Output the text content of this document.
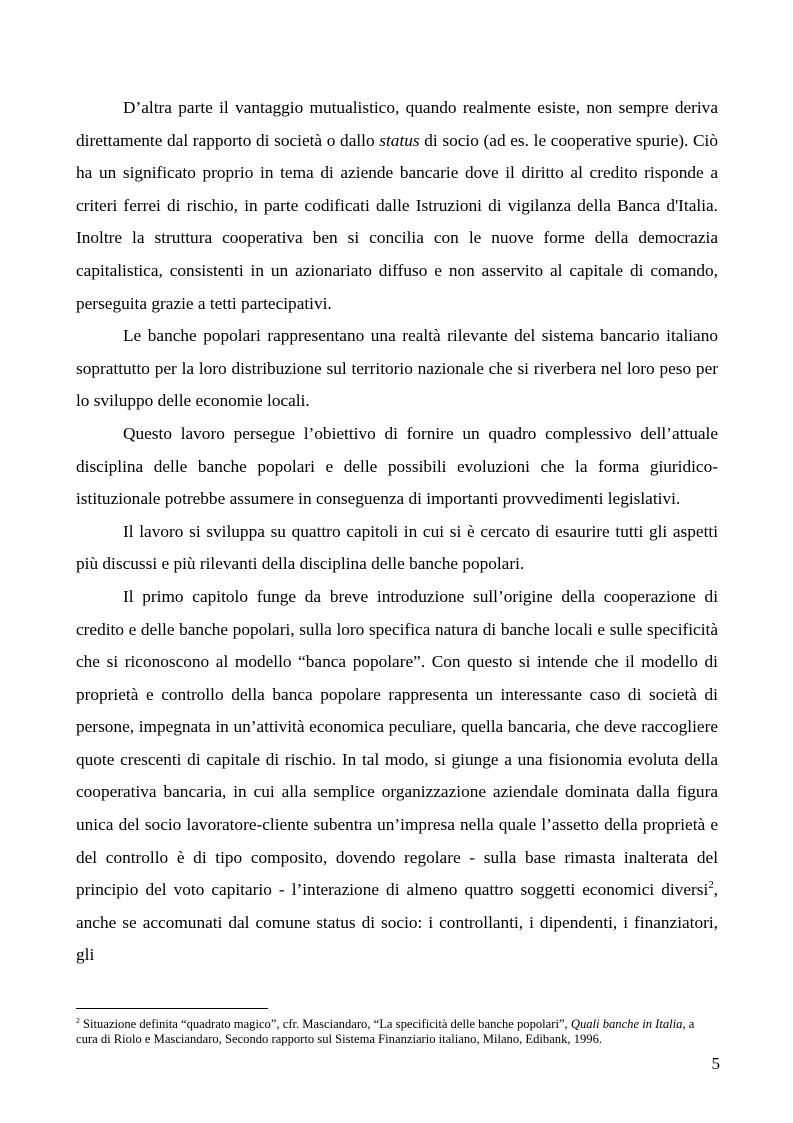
D’altra parte il vantaggio mutualistico, quando realmente esiste, non sempre deriva direttamente dal rapporto di società o dallo status di socio (ad es. le cooperative spurie). Ciò ha un significato proprio in tema di aziende bancarie dove il diritto al credito risponde a criteri ferrei di rischio, in parte codificati dalle Istruzioni di vigilanza della Banca d'Italia. Inoltre la struttura cooperativa ben si concilia con le nuove forme della democrazia capitalistica, consistenti in un azionariato diffuso e non asservito al capitale di comando, perseguita grazie a tetti partecipativi.

Le banche popolari rappresentano una realtà rilevante del sistema bancario italiano soprattutto per la loro distribuzione sul territorio nazionale che si riverbera nel loro peso per lo sviluppo delle economie locali.

Questo lavoro persegue l’obiettivo di fornire un quadro complessivo dell’attuale disciplina delle banche popolari e delle possibili evoluzioni che la forma giuridico-istituzionale potrebbe assumere in conseguenza di importanti provvedimenti legislativi.

Il lavoro si sviluppa su quattro capitoli in cui si è cercato di esaurire tutti gli aspetti più discussi e più rilevanti della disciplina delle banche popolari.

Il primo capitolo funge da breve introduzione sull’origine della cooperazione di credito e delle banche popolari, sulla loro specifica natura di banche locali e sulle specificità che si riconoscono al modello “banca popolare”. Con questo si intende che il modello di proprietà e controllo della banca popolare rappresenta un interessante caso di società di persone, impegnata in un’attività economica peculiare, quella bancaria, che deve raccogliere quote crescenti di capitale di rischio. In tal modo, si giunge a una fisionomia evoluta della cooperativa bancaria, in cui alla semplice organizzazione aziendale dominata dalla figura unica del socio lavoratore-cliente subentra un’impresa nella quale l’assetto della proprietà e del controllo è di tipo composito, dovendo regolare - sulla base rimasta inalterata del principio del voto capitario - l’interazione di almeno quattro soggetti economici diversi$^2$, anche se accomunati dal comune status di socio: i controllanti, i dipendenti, i finanziatori, gli

$^2$ Situazione definita “quadrato magico”, cfr. Masciandaro, “La specificità delle banche popolari”, Quali banche in Italia, a cura di Riolo e Masciandaro, Secondo rapporto sul Sistema Finanziario italiano, Milano, Edibank, 1996.
5
